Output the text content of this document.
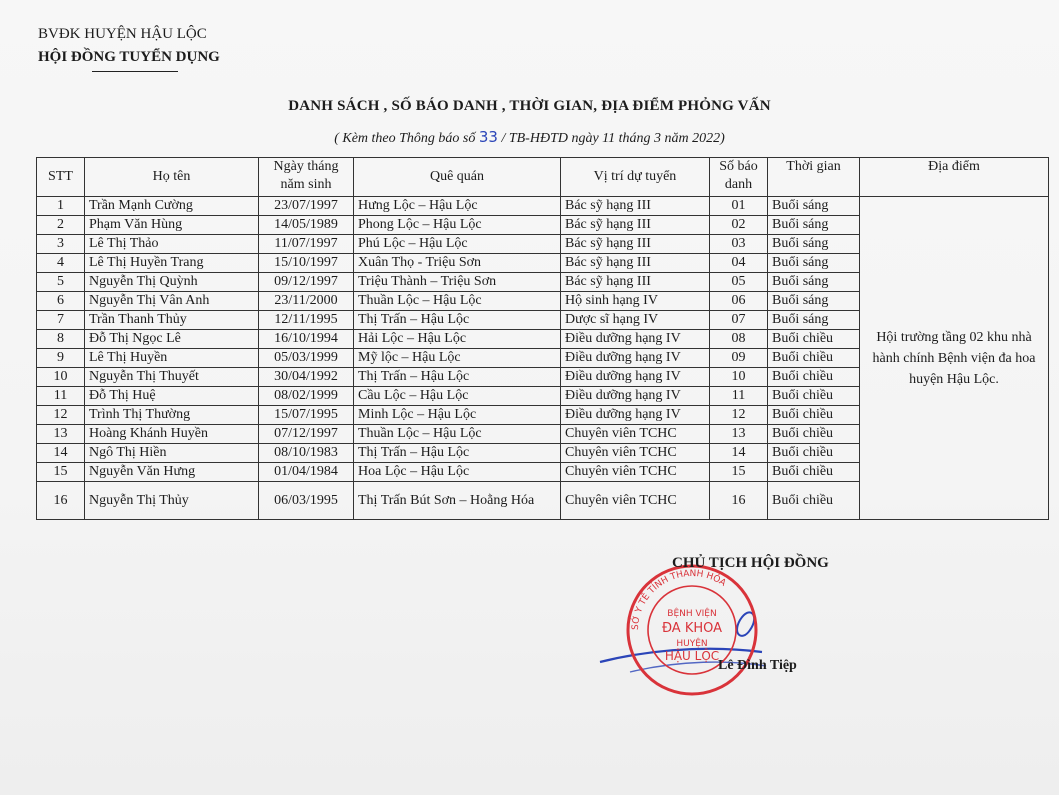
BVĐK HUYỆN HẬU LỘC
HỘI ĐỒNG TUYỂN DỤNG
DANH SÁCH , SỐ BÁO DANH , THỜI GIAN, ĐỊA ĐIỂM PHỎNG VẤN
( Kèm theo Thông báo số 33 / TB-HĐTD ngày 11 tháng 3 năm 2022)
STT	Họ tên	Ngày tháng năm sinh	Quê quán	Vị trí dự tuyển	Số báo danh	Thời gian	Địa điểm
1	Trần Mạnh Cường	23/07/1997	Hưng Lộc – Hậu Lộc	Bác sỹ hạng III	01	Buổi sáng	Hội trường tầng 02 khu nhà hành chính Bệnh viện đa hoa huyện Hậu Lộc.
2	Phạm Văn Hùng	14/05/1989	Phong Lộc – Hậu Lộc	Bác sỹ hạng III	02	Buổi sáng	
3	Lê Thị Thảo	11/07/1997	Phú Lộc – Hậu Lộc	Bác sỹ hạng III	03	Buổi sáng	
4	Lê Thị Huyền Trang	15/10/1997	Xuân Thọ - Triệu Sơn	Bác sỹ hạng III	04	Buổi sáng	
5	Nguyễn Thị Quỳnh	09/12/1997	Triệu Thành – Triệu Sơn	Bác sỹ hạng III	05	Buổi sáng	
6	Nguyễn Thị Vân Anh	23/11/2000	Thuần Lộc – Hậu Lộc	Hộ sinh hạng IV	06	Buổi sáng	
7	Trần Thanh Thủy	12/11/1995	Thị Trấn – Hậu Lộc	Dược sĩ hạng IV	07	Buổi sáng	
8	Đỗ Thị Ngọc Lê	16/10/1994	Hải Lộc – Hậu Lộc	Điều dưỡng hạng IV	08	Buổi chiều	
9	Lê Thị Huyền	05/03/1999	Mỹ lộc – Hậu Lộc	Điều dưỡng hạng IV	09	Buổi chiều	
10	Nguyễn Thị Thuyết	30/04/1992	Thị Trấn – Hậu Lộc	Điều dưỡng hạng IV	10	Buổi chiều	
11	Đỗ Thị Huệ	08/02/1999	Cầu Lộc – Hậu Lộc	Điều dưỡng hạng IV	11	Buổi chiều	
12	Trình Thị Thường	15/07/1995	Minh Lộc – Hậu Lộc	Điều dưỡng hạng IV	12	Buổi chiều	
13	Hoàng Khánh Huyền	07/12/1997	Thuần Lộc – Hậu Lộc	Chuyên viên TCHC	13	Buổi chiều	
14	Ngô Thị Hiền	08/10/1983	Thị Trấn – Hậu Lộc	Chuyên viên TCHC	14	Buổi chiều	
15	Nguyễn Văn Hưng	01/04/1984	Hoa Lộc – Hậu Lộc	Chuyên viên TCHC	15	Buổi chiều	
16	Nguyễn Thị Thủy	06/03/1995	Thị Trấn Bút Sơn – Hoằng Hóa	Chuyên viên TCHC	16	Buổi chiều	
SỞ Y TẾ TỈNH THANH HÓA
BỆNH VIỆN
ĐA KHOA
HUYỆN
HẬU LỘC
CHỦ TỊCH HỘI ĐỒNG
Lê Đình Tiệp
